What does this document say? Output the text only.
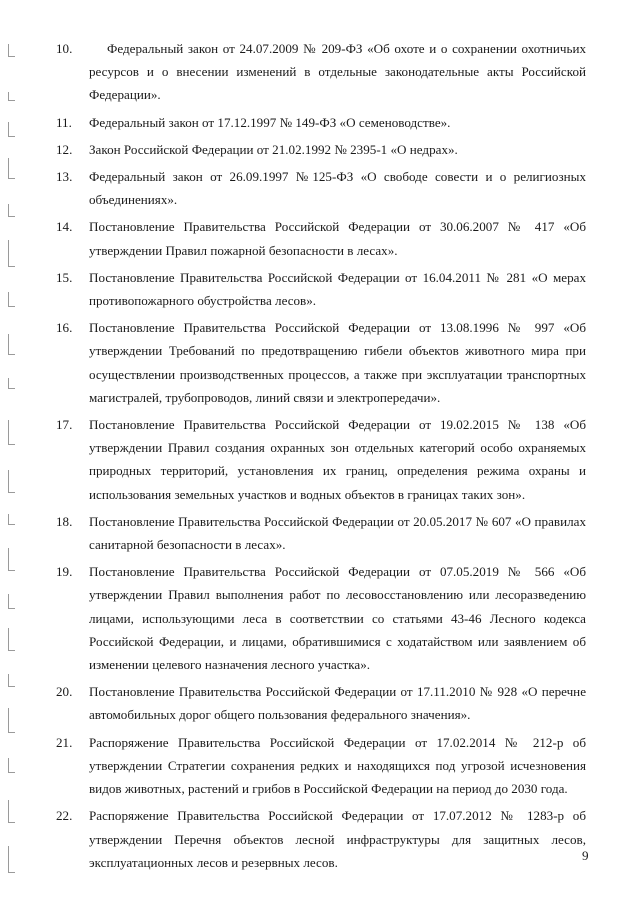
10.	Федеральный закон от 24.07.2009 № 209-ФЗ «Об охоте и о сохранении охотничьих ресурсов и о внесении изменений в отдельные законодательные акты Российской Федерации».
11. Федеральный закон от 17.12.1997 № 149-ФЗ «О семеноводстве».
12. Закон Российской Федерации от 21.02.1992 № 2395-1 «О недрах».
13. Федеральный закон от 26.09.1997 №125-ФЗ «О свободе совести и о религиозных объединениях».
14. Постановление Правительства Российской Федерации от 30.06.2007 № 417 «Об утверждении Правил пожарной безопасности в лесах».
15. Постановление Правительства Российской Федерации от 16.04.2011 № 281 «О мерах противопожарного обустройства лесов».
16. Постановление Правительства Российской Федерации от 13.08.1996 № 997 «Об утверждении Требований по предотвращению гибели объектов животного мира при осуществлении производственных процессов, а также при эксплуатации транспортных магистралей, трубопроводов, линий связи и электропередачи».
17. Постановление Правительства Российской Федерации от 19.02.2015 № 138 «Об утверждении Правил создания охранных зон отдельных категорий особо охраняемых природных территорий, установления их границ, определения режима охраны и использования земельных участков и водных объектов в границах таких зон».
18. Постановление Правительства Российской Федерации от 20.05.2017 № 607 «О правилах санитарной безопасности в лесах».
19. Постановление Правительства Российской Федерации от 07.05.2019 № 566 «Об утверждении Правил выполнения работ по лесовосстановлению или лесоразведению лицами, использующими леса в соответствии со статьями 43-46 Лесного кодекса Российской Федерации, и лицами, обратившимися с ходатайством или заявлением об изменении целевого назначения лесного участка».
20. Постановление Правительства Российской Федерации от 17.11.2010 № 928 «О перечне автомобильных дорог общего пользования федерального значения».
21. Распоряжение Правительства Российской Федерации от 17.02.2014 № 212-р об утверждении Стратегии сохранения редких и находящихся под угрозой исчезновения видов животных, растений и грибов в Российской Федерации на период до 2030 года.
22. Распоряжение Правительства Российской Федерации от 17.07.2012 № 1283-р об утверждении Перечня объектов лесной инфраструктуры для защитных лесов, эксплуатационных лесов и резервных лесов.	9
